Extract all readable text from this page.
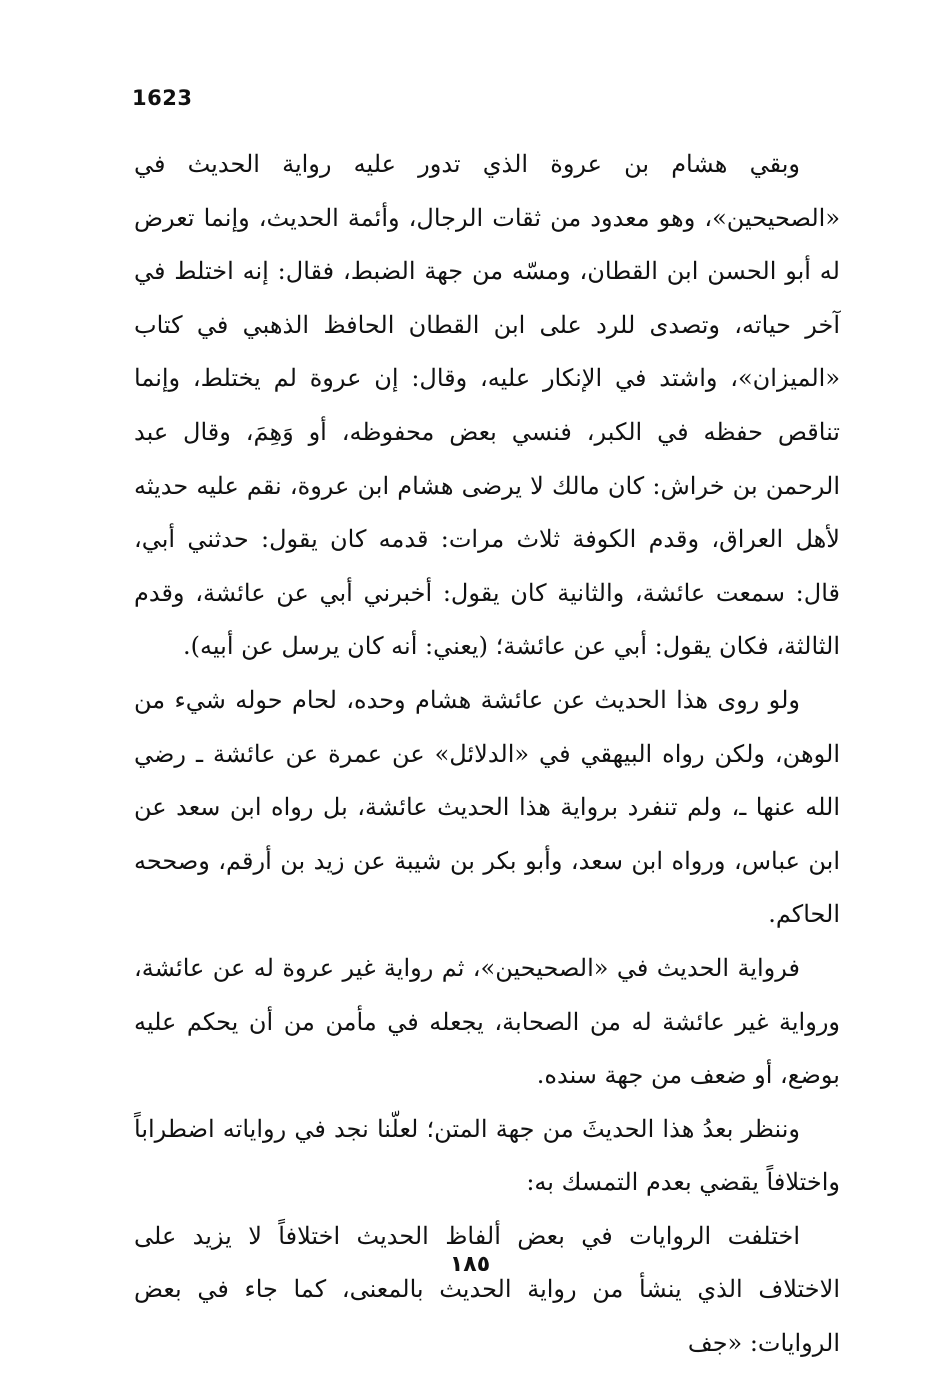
1623

وبقي هشام بن عروة الذي تدور عليه رواية الحديث في «الصحيحين»، وهو معدود من ثقات الرجال، وأئمة الحديث، وإنما تعرض له أبو الحسن ابن القطان، ومسّه من جهة الضبط، فقال: إنه اختلط في آخر حياته، وتصدى للرد على ابن القطان الحافظ الذهبي في كتاب «الميزان»، واشتد في الإنكار عليه، وقال: إن عروة لم يختلط، وإنما تناقص حفظه في الكبر، فنسي بعض محفوظه، أو وَهِمَ، وقال عبد الرحمن بن خراش: كان مالك لا يرضى هشام ابن عروة، نقم عليه حديثه لأهل العراق، وقدم الكوفة ثلاث مرات: قدمه كان يقول: حدثني أبي، قال: سمعت عائشة، والثانية كان يقول: أخبرني أبي عن عائشة، وقدم الثالثة، فكان يقول: أبي عن عائشة؛ (يعني: أنه كان يرسل عن أبيه).

ولو روى هذا الحديث عن عائشة هشام وحده، لحام حوله شيء من الوهن، ولكن رواه البيهقي في «الدلائل» عن عمرة عن عائشة ـ رضي الله عنها ـ، ولم تنفرد برواية هذا الحديث عائشة، بل رواه ابن سعد عن ابن عباس، ورواه ابن سعد، وأبو بكر بن شيبة عن زيد بن أرقم، وصححه الحاكم.

فرواية الحديث في «الصحيحين»، ثم رواية غير عروة له عن عائشة، ورواية غير عائشة له من الصحابة، يجعله في مأمن من أن يحكم عليه بوضع، أو ضعف من جهة سنده.

وننظر بعدُ هذا الحديثَ من جهة المتن؛ لعلّنا نجد في رواياته اضطراباً واختلافاً يقضي بعدم التمسك به:

اختلفت الروايات في بعض ألفاظ الحديث اختلافاً لا يزيد على الاختلاف الذي ينشأ من رواية الحديث بالمعنى، كما جاء في بعض الروايات: «جف

١٨٥
